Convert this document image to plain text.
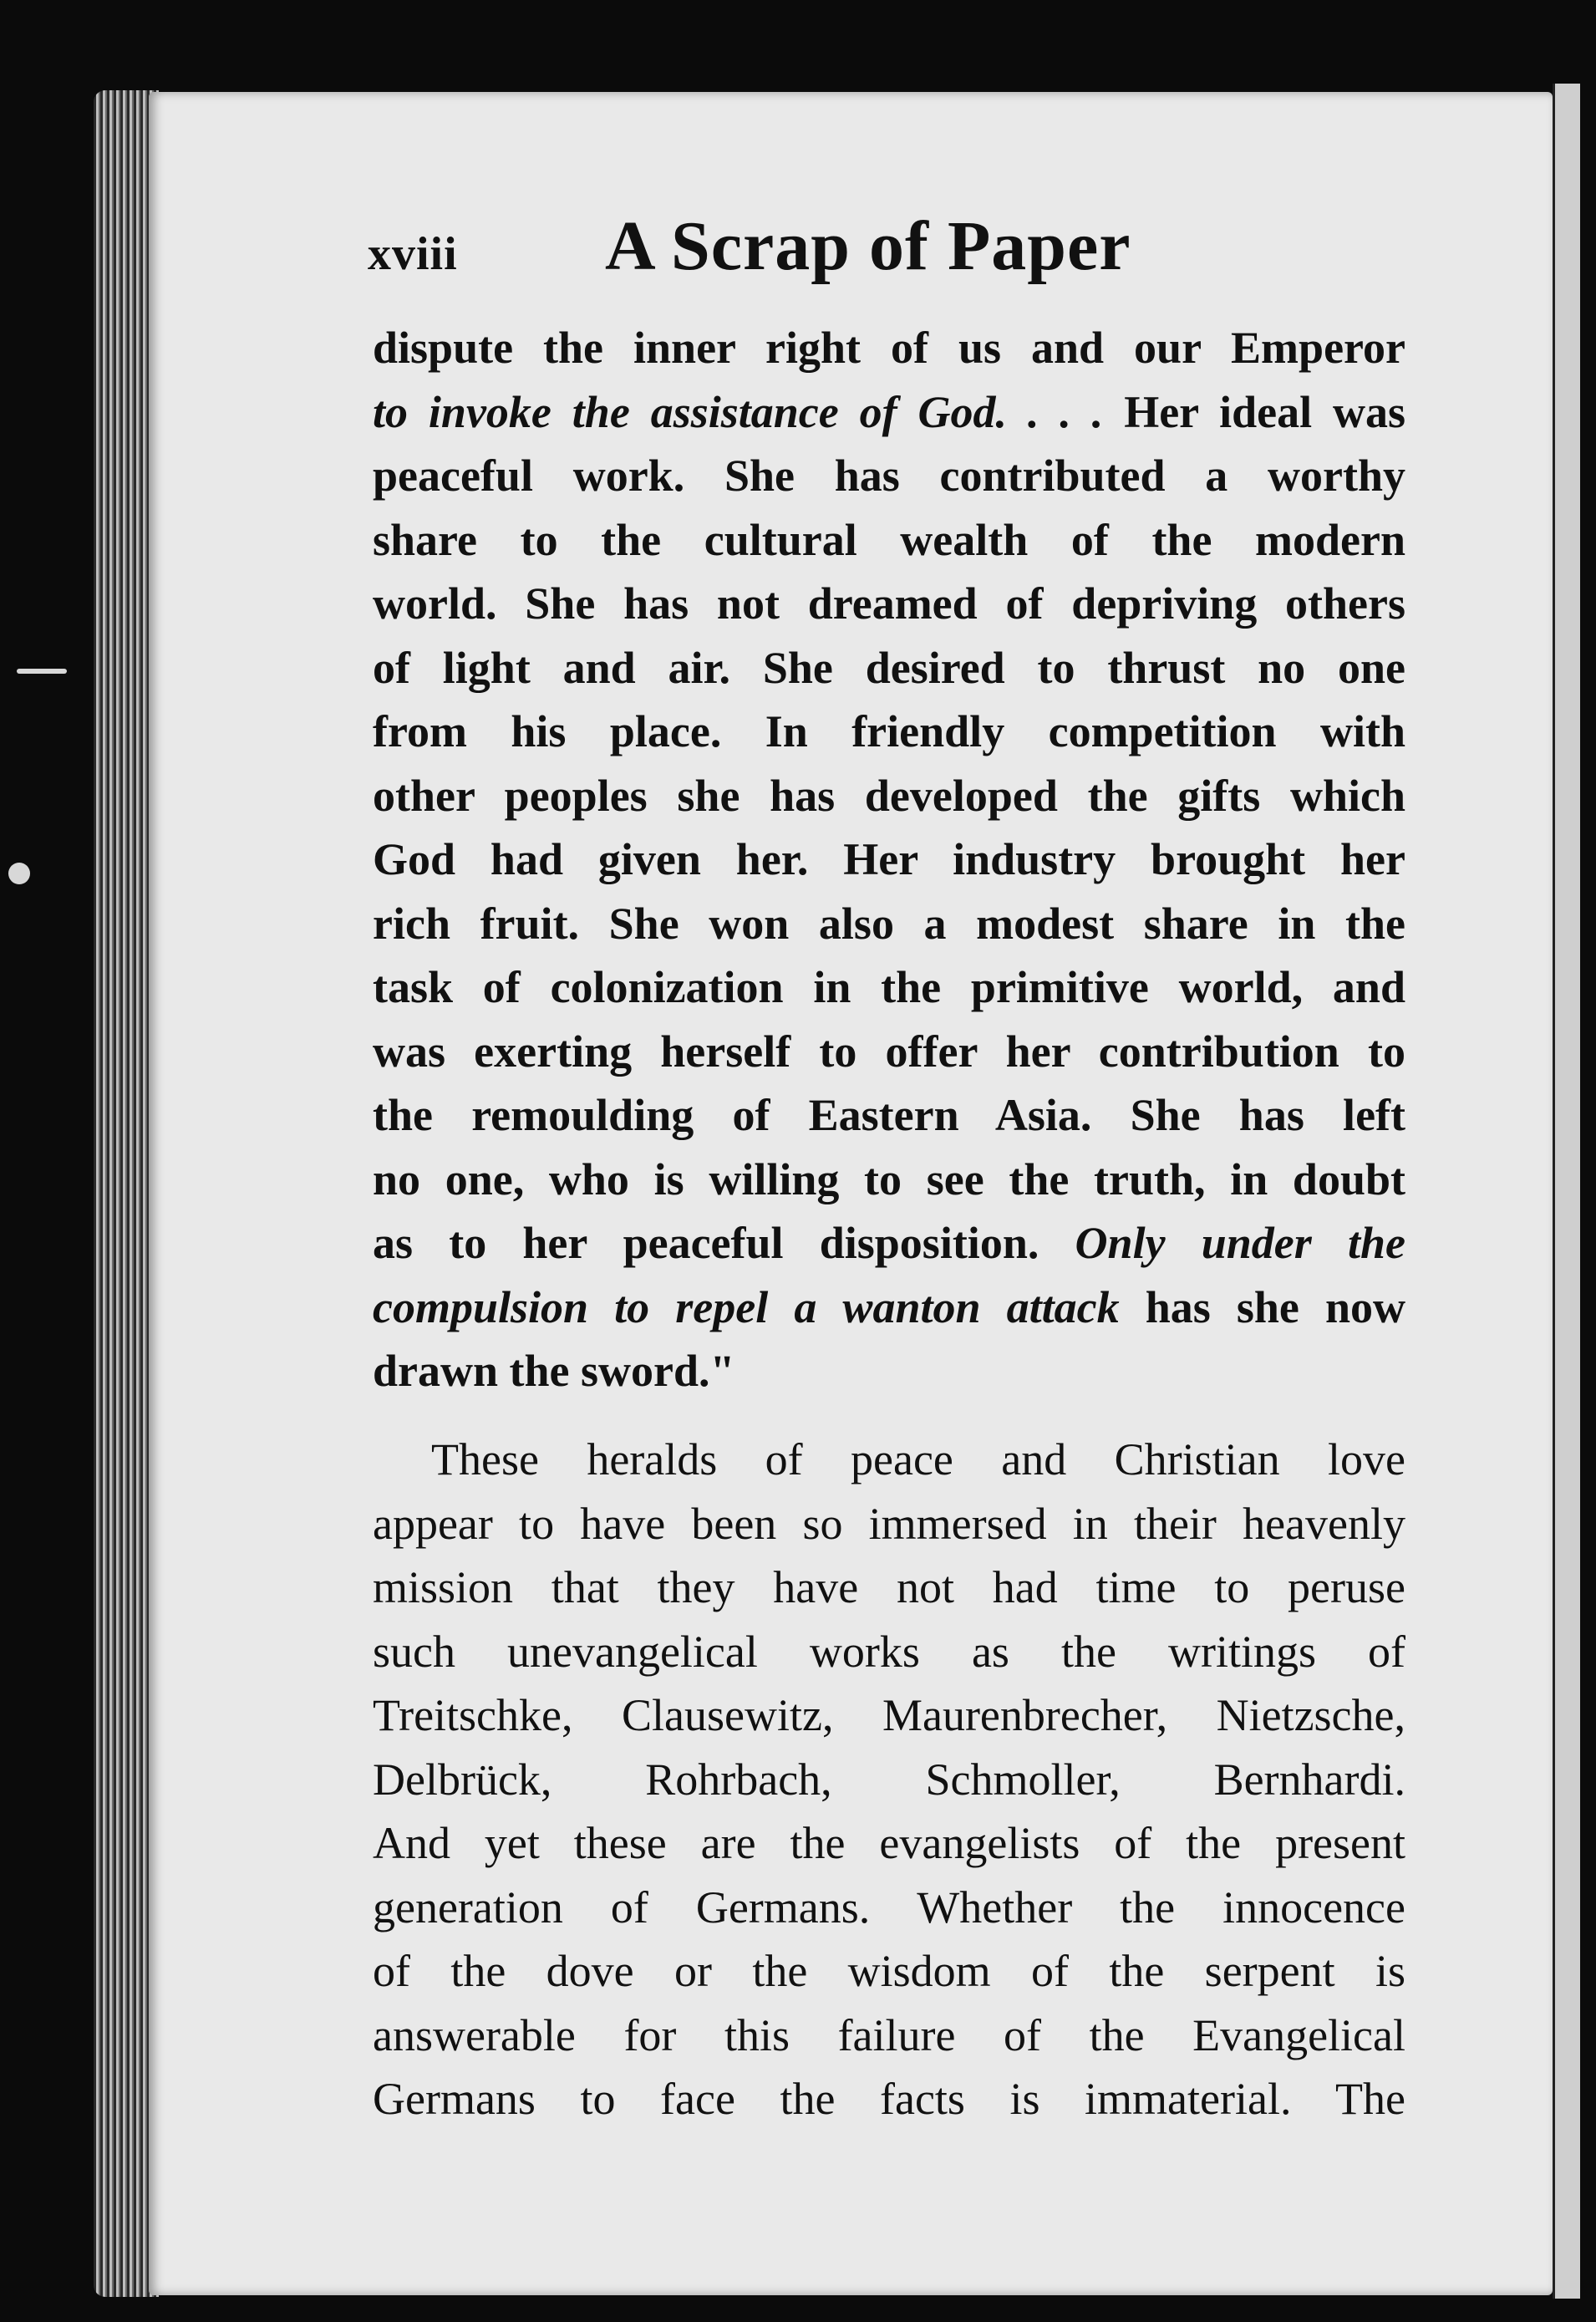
xviii A Scrap of Paper
dispute the inner right of us and our Emperor
to invoke the assistance of God. . . . Her ideal was
peaceful work. She has contributed a worthy
share to the cultural wealth of the modern
world. She has not dreamed of depriving others
of light and air. She desired to thrust no one
from his place. In friendly competition with
other peoples she has developed the gifts which
God had given her. Her industry brought her
rich fruit. She won also a modest share in the
task of colonization in the primitive world, and
was exerting herself to offer her contribution to
the remoulding of Eastern Asia. She has left
no one, who is willing to see the truth, in doubt
as to her peaceful disposition. Only under the
compulsion to repel a wanton attack has she now
drawn the sword."
These heralds of peace and Christian love
appear to have been so immersed in their heavenly
mission that they have not had time to peruse
such unevangelical works as the writings of
Treitschke, Clausewitz, Maurenbrecher, Nietzsche,
Delbrück, Rohrbach, Schmoller, Bernhardi.
And yet these are the evangelists of the present
generation of Germans. Whether the innocence
of the dove or the wisdom of the serpent is
answerable for this failure of the Evangelical
Germans to face the facts is immaterial. The
